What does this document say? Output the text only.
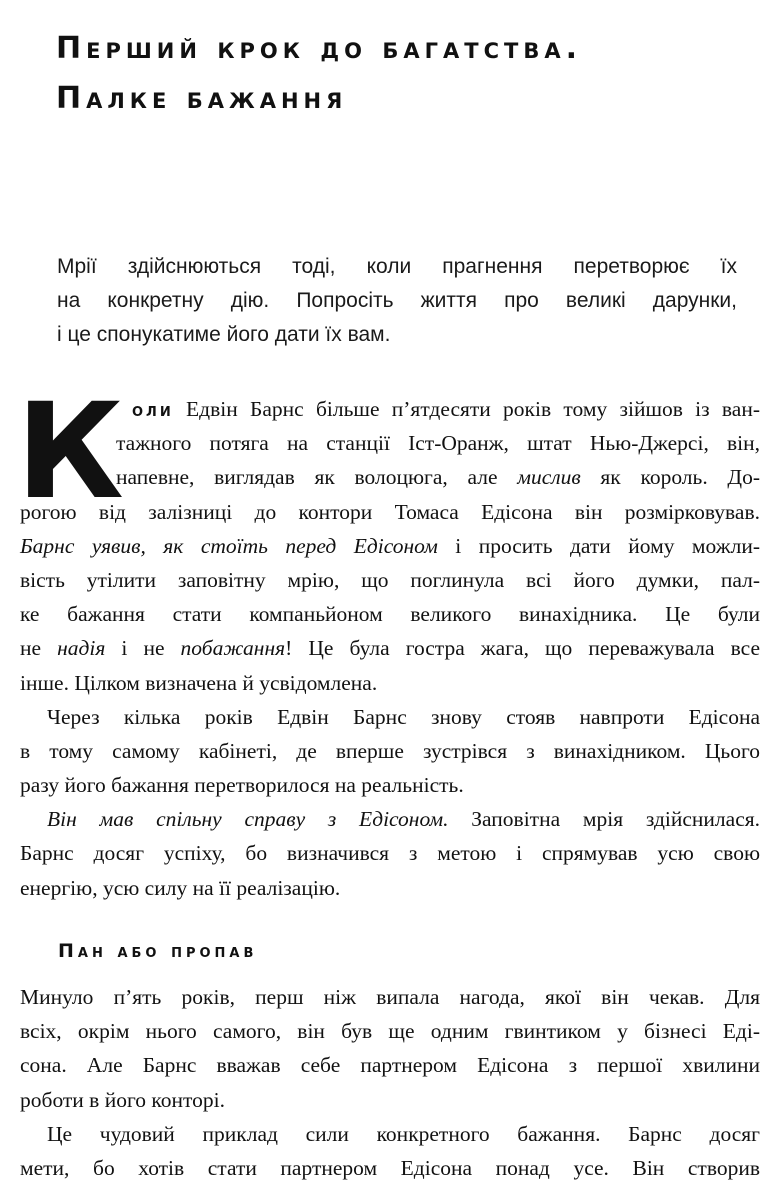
Перший крок до багатства.
Палке бажання
Мрії здійснюються тоді, коли прагнення перетворює їх
на конкретну дію. Попросіть життя про великі дарунки,
і це спонукатиме його дати їх вам.
К оли Едвін Барнс більше п’ятдесяти років тому зійшов із ван-
тажного потяга на станції Іст-Оранж, штат Нью-Джерсі, він,
напевне, виглядав як волоцюга, але мислив як король. До-
рогою від залізниці до контори Томаса Едісона він розмірковував.
Барнс уявив, як стоїть перед Едісоном і просить дати йому можли-
вість утілити заповітну мрію, що поглинула всі його думки, пал-
ке бажання стати компаньйоном великого винахідника. Це були
не надія і не побажання! Це була гостра жага, що переважувала все
інше. Цілком визначена й усвідомлена.
Через кілька років Едвін Барнс знову стояв навпроти Едісона
в тому самому кабінеті, де вперше зустрівся з винахідником. Цього
разу його бажання перетворилося на реальність.
Він мав спільну справу з Едісоном. Заповітна мрія здійснилася.
Барнс досяг успіху, бо визначився з метою і спрямував усю свою
енергію, усю силу на її реалізацію.
Пан або пропав
Минуло п’ять років, перш ніж випала нагода, якої він чекав. Для
всіх, окрім нього самого, він був ще одним гвинтиком у бізнесі Еді-
сона. Але Барнс вважав себе партнером Едісона з першої хвилини
роботи в його конторі.
Це чудовий приклад сили конкретного бажання. Барнс досяг
мети, бо хотів стати партнером Едісона понад усе. Він створив
